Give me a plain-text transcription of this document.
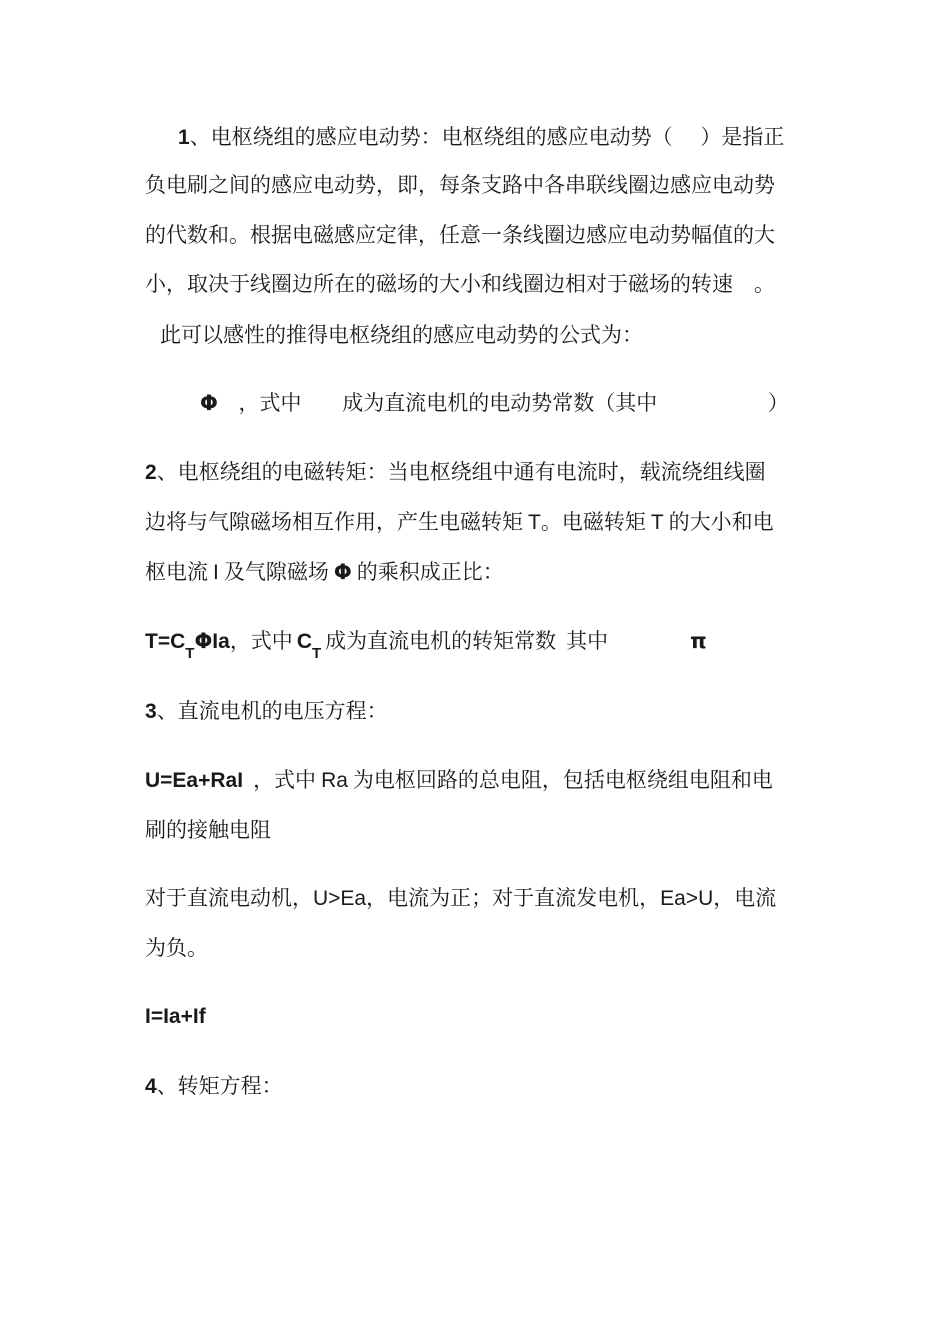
1、电枢绕组的感应电动势：电枢绕组的感应电动势（　 ）是指正
负电刷之间的感应电动势，即，每条支路中各串联线圈边感应电动势
的代数和。根据电磁感应定律，任意一条线圈边感应电动势幅值的大
小，取决于线圈边所在的磁场的大小和线圈边相对于磁场的转速　。
此可以感性的推得电枢绕组的感应电动势的公式为：
Φ ，式中 成为直流电机的电动势常数（其中	）
2、电枢绕组的电磁转矩：当电枢绕组中通有电流时，载流绕组线圈
边将与气隙磁场相互作用，产生电磁转矩 T。电磁转矩 T 的大小和电
枢电流 I 及气隙磁场 Φ 的乘积成正比：
$T=C_T\Phi Ia$，式中 $C_T$成为直流电机的转矩常数 其中	π
3、直流电机的电压方程：
U=Ea+RaI ，式中 Ra 为电枢回路的总电阻，包括电枢绕组电阻和电
刷的接触电阻
对于直流电动机，U>Ea，电流为正；对于直流发电机，Ea>U，电流
为负。
I=Ia+If
4、转矩方程：
